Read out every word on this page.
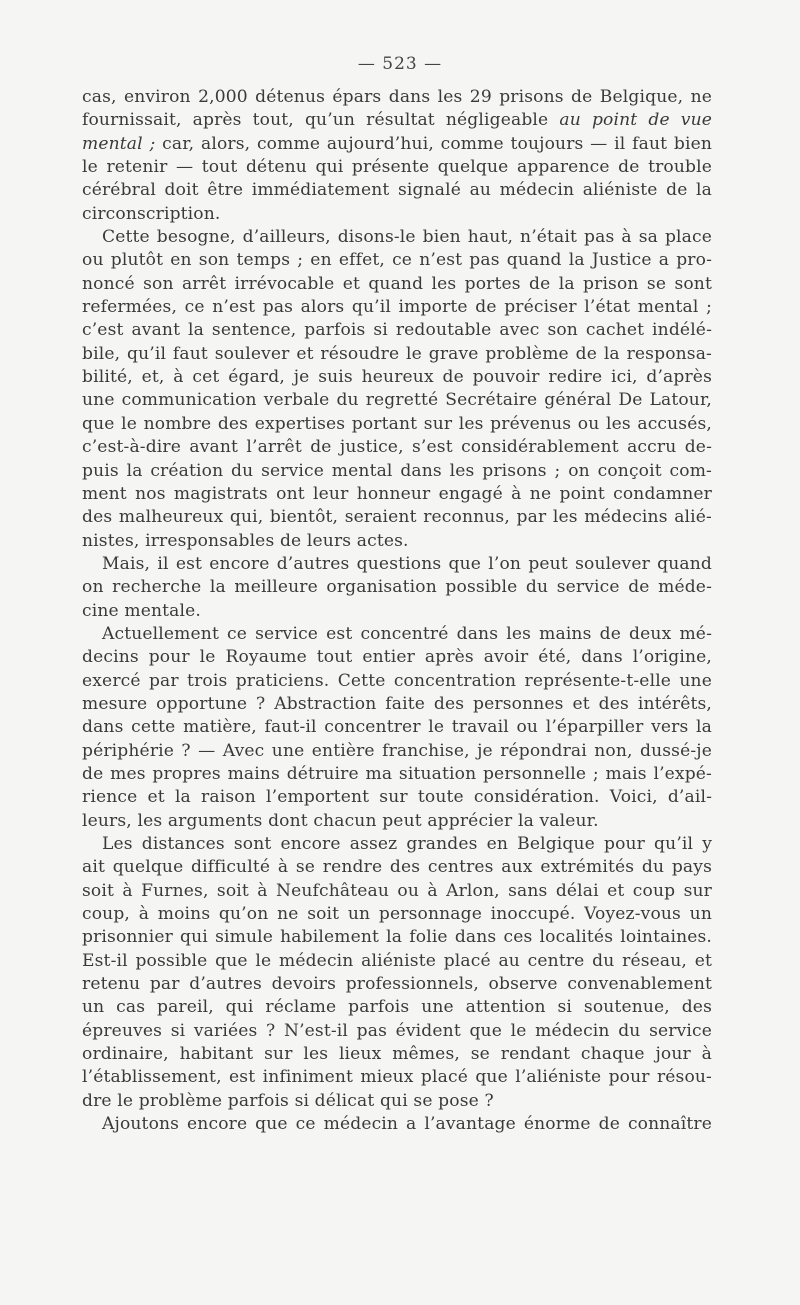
— 523 —
cas, environ 2,000 détenus épars dans les 29 prisons de Belgique, ne
fournissait, après tout, qu’un résultat négligeable au point de vue
mental ; car, alors, comme aujourd’hui, comme toujours — il faut bien
le retenir — tout détenu qui présente quelque apparence de trouble
cérébral doit être immédiatement signalé au médecin aliéniste de la
circonscription.
Cette besogne, d’ailleurs, disons-le bien haut, n’était pas à sa place
ou plutôt en son temps ; en effet, ce n’est pas quand la Justice a pro-
noncé son arrêt irrévocable et quand les portes de la prison se sont
refermées, ce n’est pas alors qu’il importe de préciser l’état mental ;
c’est avant la sentence, parfois si redoutable avec son cachet indélé-
bile, qu’il faut soulever et résoudre le grave problème de la responsa-
bilité, et, à cet égard, je suis heureux de pouvoir redire ici, d’après
une communication verbale du regretté Secrétaire général De Latour,
que le nombre des expertises portant sur les prévenus ou les accusés,
c’est-à-dire avant l’arrêt de justice, s’est considérablement accru de-
puis la création du service mental dans les prisons ; on conçoit com-
ment nos magistrats ont leur honneur engagé à ne point condamner
des malheureux qui, bientôt, seraient reconnus, par les médecins alié-
nistes, irresponsables de leurs actes.
Mais, il est encore d’autres questions que l’on peut soulever quand
on recherche la meilleure organisation possible du service de méde-
cine mentale.
Actuellement ce service est concentré dans les mains de deux mé-
decins pour le Royaume tout entier après avoir été, dans l’origine,
exercé par trois praticiens. Cette concentration représente-t-elle une
mesure opportune ? Abstraction faite des personnes et des intérêts,
dans cette matière, faut-il concentrer le travail ou l’éparpiller vers la
périphérie ? — Avec une entière franchise, je répondrai non, dussé-je
de mes propres mains détruire ma situation personnelle ; mais l’expé-
rience et la raison l’emportent sur toute considération. Voici, d’ail-
leurs, les arguments dont chacun peut apprécier la valeur.
Les distances sont encore assez grandes en Belgique pour qu’il y
ait quelque difficulté à se rendre des centres aux extrémités du pays
soit à Furnes, soit à Neufchâteau ou à Arlon, sans délai et coup sur
coup, à moins qu’on ne soit un personnage inoccupé. Voyez-vous un
prisonnier qui simule habilement la folie dans ces localités lointaines.
Est-il possible que le médecin aliéniste placé au centre du réseau, et
retenu par d’autres devoirs professionnels, observe convenablement
un cas pareil, qui réclame parfois une attention si soutenue, des
épreuves si variées ? N’est-il pas évident que le médecin du service
ordinaire, habitant sur les lieux mêmes, se rendant chaque jour à
l’établissement, est infiniment mieux placé que l’aliéniste pour résou-
dre le problème parfois si délicat qui se pose ?
Ajoutons encore que ce médecin a l’avantage énorme de connaître
